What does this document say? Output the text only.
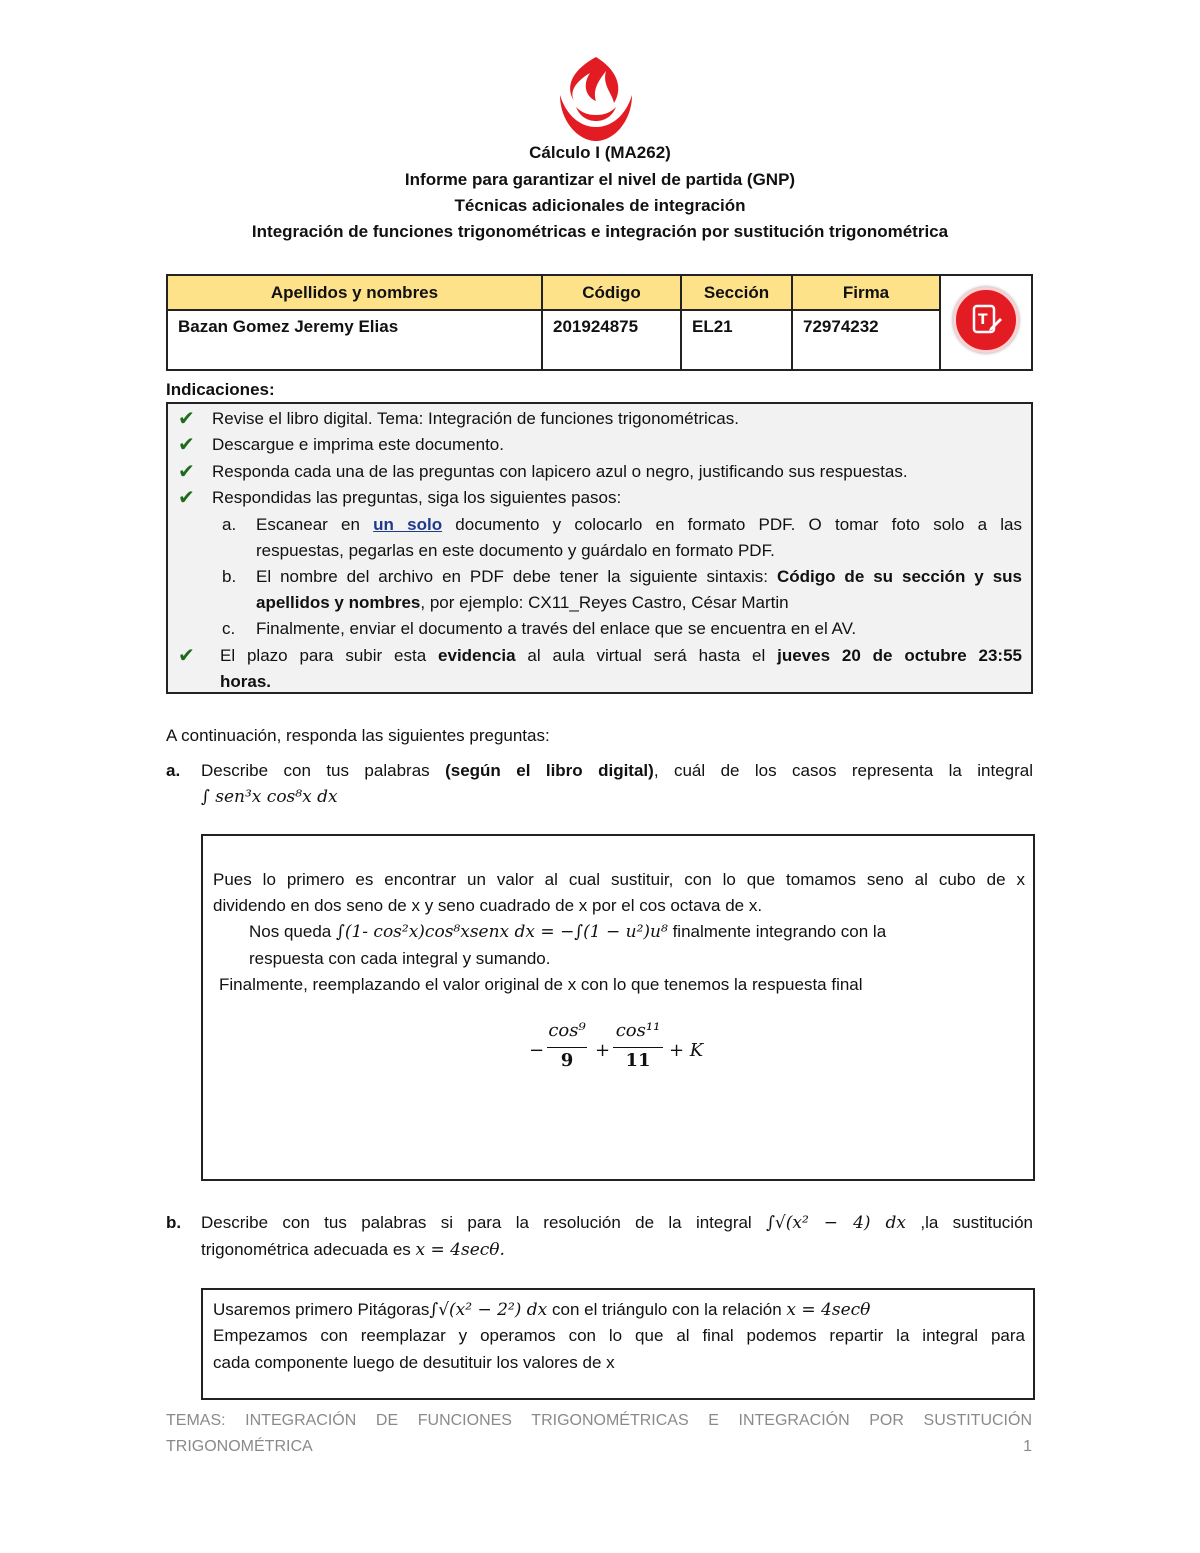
Cálculo I (MA262)
Informe para garantizar el nivel de partida (GNP)
Técnicas adicionales de integración
Integración de funciones trigonométricas e integración por sustitución trigonométrica
Apellidos y nombres	Código	Sección	Firma	T

Bazan Gomez Jeremy Elias	201924875	EL21	72974232	
Indicaciones:
✔ Revise el libro digital. Tema: Integración de funciones trigonométricas.
✔ Descargue e imprima este documento.
✔ Responda cada una de las preguntas con lapicero azul o negro, justificando sus respuestas.
✔ Respondidas las preguntas, siga los siguientes pasos:
a. Escanear en un solo documento y colocarlo en formato PDF. O tomar foto solo a las
respuestas, pegarlas en este documento y guárdalo en formato PDF.
b. El nombre del archivo en PDF debe tener la siguiente sintaxis: Código de su sección y sus
apellidos y nombres, por ejemplo: CX11_Reyes Castro, César Martin
c. Finalmente, enviar el documento a través del enlace que se encuentra en el AV.
✔ El plazo para subir esta evidencia al aula virtual será hasta el jueves 20 de octubre 23:55
horas.
A continuación, responda las siguientes preguntas:
a. Describe con tus palabras (según el libro digital), cuál de los casos representa la integral
∫ sen³x cos⁸x dx
Pues lo primero es encontrar un valor al cual sustituir, con lo que tomamos seno al cubo de x
dividendo en dos seno de x y seno cuadrado de x por el cos octava de x.
Nos queda ∫(1- cos²x)cos⁸xsenx dx = −∫(1 − u²)u⁸ finalmente integrando con la
respuesta con cada integral y sumando.
Finalmente, reemplazando el valor original de x con lo que tenemos la respuesta final
−
cos⁹
9	+
cos¹¹
11	+ K
b. Describe con tus palabras si para la resolución de la integral ∫√(x² − 4) dx ,la sustitución
trigonométrica adecuada es x = 4secθ.
Usaremos primero Pitágoras∫√(x² − 2²) dx con el triángulo con la relación x = 4secθ
Empezamos con reemplazar y operamos con lo que al final podemos repartir la integral para
cada componente luego de desutituir los valores de x
TEMAS: INTEGRACIÓN DE FUNCIONES TRIGONOMÉTRICAS E INTEGRACIÓN POR SUSTITUCIÓN
TRIGONOMÉTRICA	1
